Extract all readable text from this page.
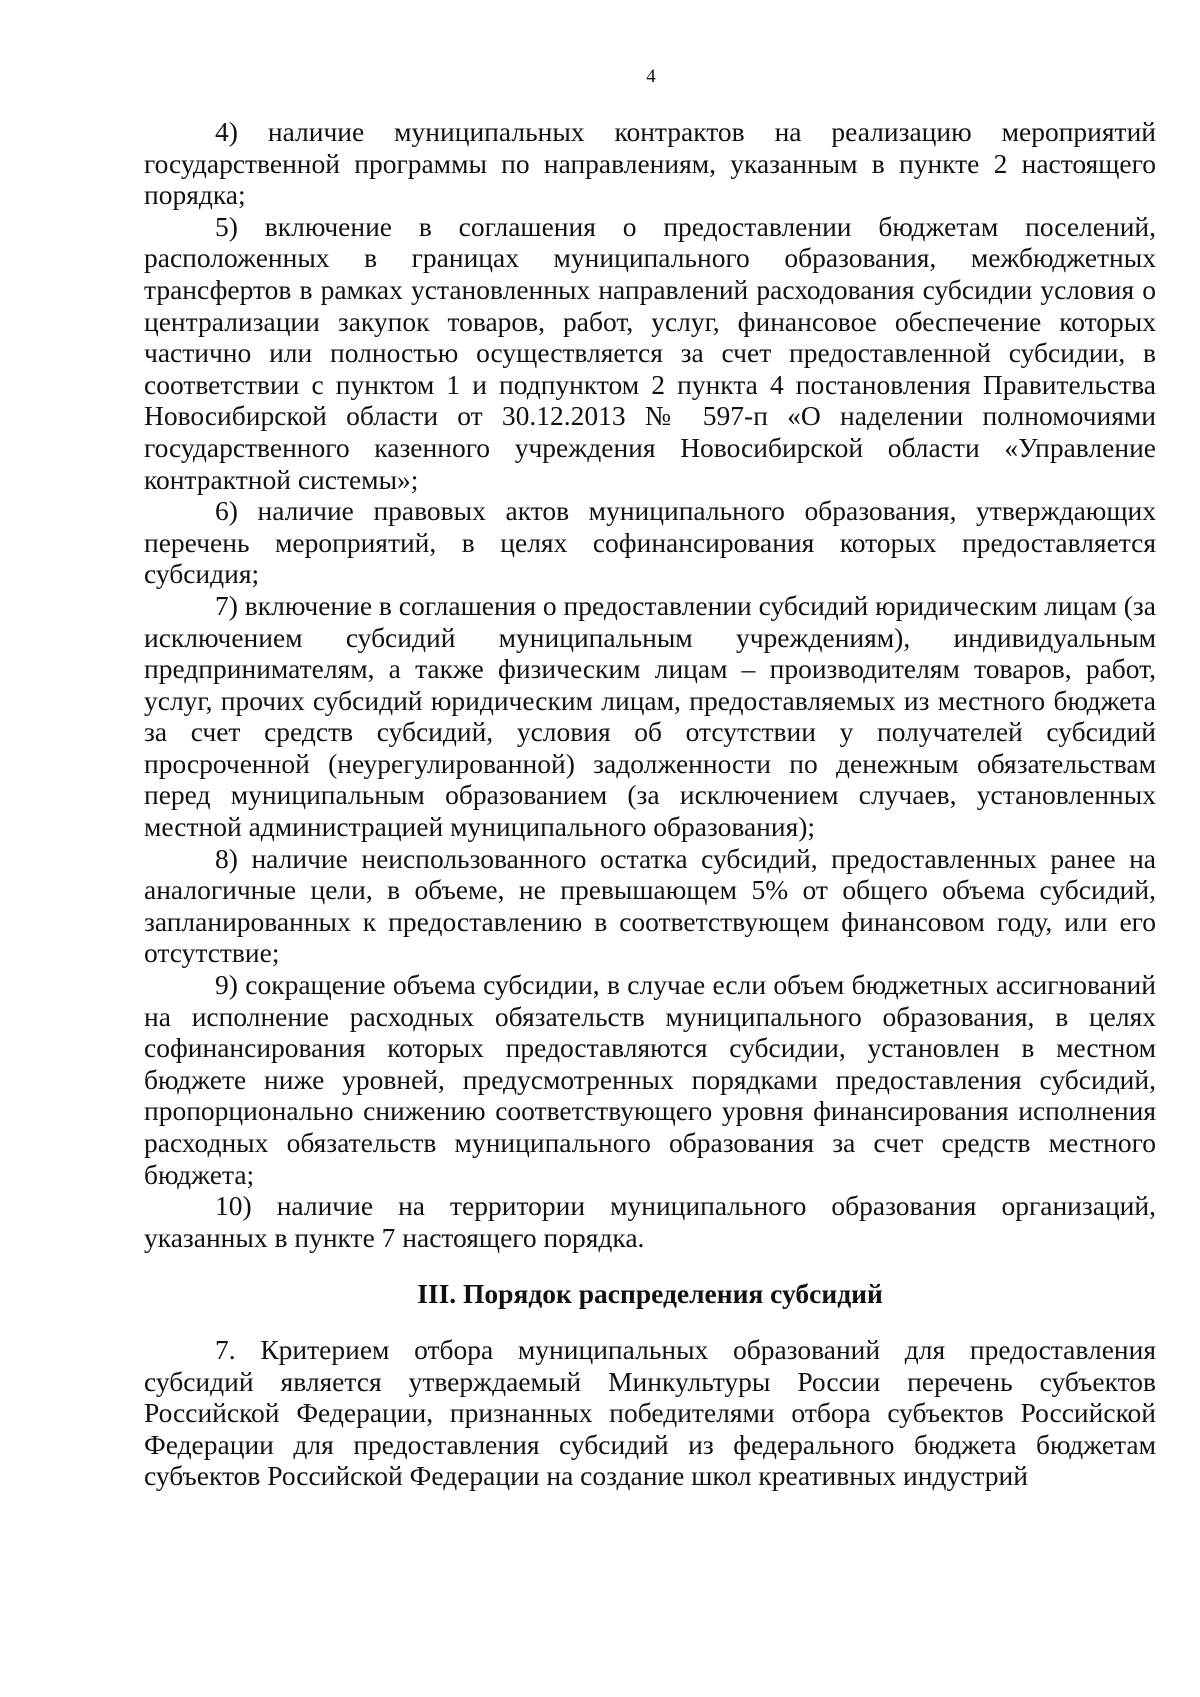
4

4) наличие муниципальных контрактов на реализацию мероприятий государственной программы по направлениям, указанным в пункте 2 настоящего порядка;

5) включение в соглашения о предоставлении бюджетам поселений, расположенных в границах муниципального образования, межбюджетных трансфертов в рамках установленных направлений расходования субсидии условия о централизации закупок товаров, работ, услуг, финансовое обеспечение которых частично или полностью осуществляется за счет предоставленной субсидии, в соответствии с пунктом 1 и подпунктом 2 пункта 4 постановления Правительства Новосибирской области от 30.12.2013 № 597-п «О наделении полномочиями государственного казенного учреждения Новосибирской области «Управление контрактной системы»;

6) наличие правовых актов муниципального образования, утверждающих перечень мероприятий, в целях софинансирования которых предоставляется субсидия;

7) включение в соглашения о предоставлении субсидий юридическим лицам (за исключением субсидий муниципальным учреждениям), индивидуальным предпринимателям, а также физическим лицам – производителям товаров, работ, услуг, прочих субсидий юридическим лицам, предоставляемых из местного бюджета за счет средств субсидий, условия об отсутствии у получателей субсидий просроченной (неурегулированной) задолженности по денежным обязательствам перед муниципальным образованием (за исключением случаев, установленных местной администрацией муниципального образования);

8) наличие неиспользованного остатка субсидий, предоставленных ранее на аналогичные цели, в объеме, не превышающем 5% от общего объема субсидий, запланированных к предоставлению в соответствующем финансовом году, или его отсутствие;

9) сокращение объема субсидии, в случае если объем бюджетных ассигнований на исполнение расходных обязательств муниципального образования, в целях софинансирования которых предоставляются субсидии, установлен в местном бюджете ниже уровней, предусмотренных порядками предоставления субсидий, пропорционально снижению соответствующего уровня финансирования исполнения расходных обязательств муниципального образования за счет средств местного бюджета;

10) наличие на территории муниципального образования организаций, указанных в пункте 7 настоящего порядка.

III. Порядок распределения субсидий

7. Критерием отбора муниципальных образований для предоставления субсидий является утверждаемый Минкультуры России перечень субъектов Российской Федерации, признанных победителями отбора субъектов Российской Федерации для предоставления субсидий из федерального бюджета бюджетам субъектов Российской Федерации на создание школ креативных индустрий
